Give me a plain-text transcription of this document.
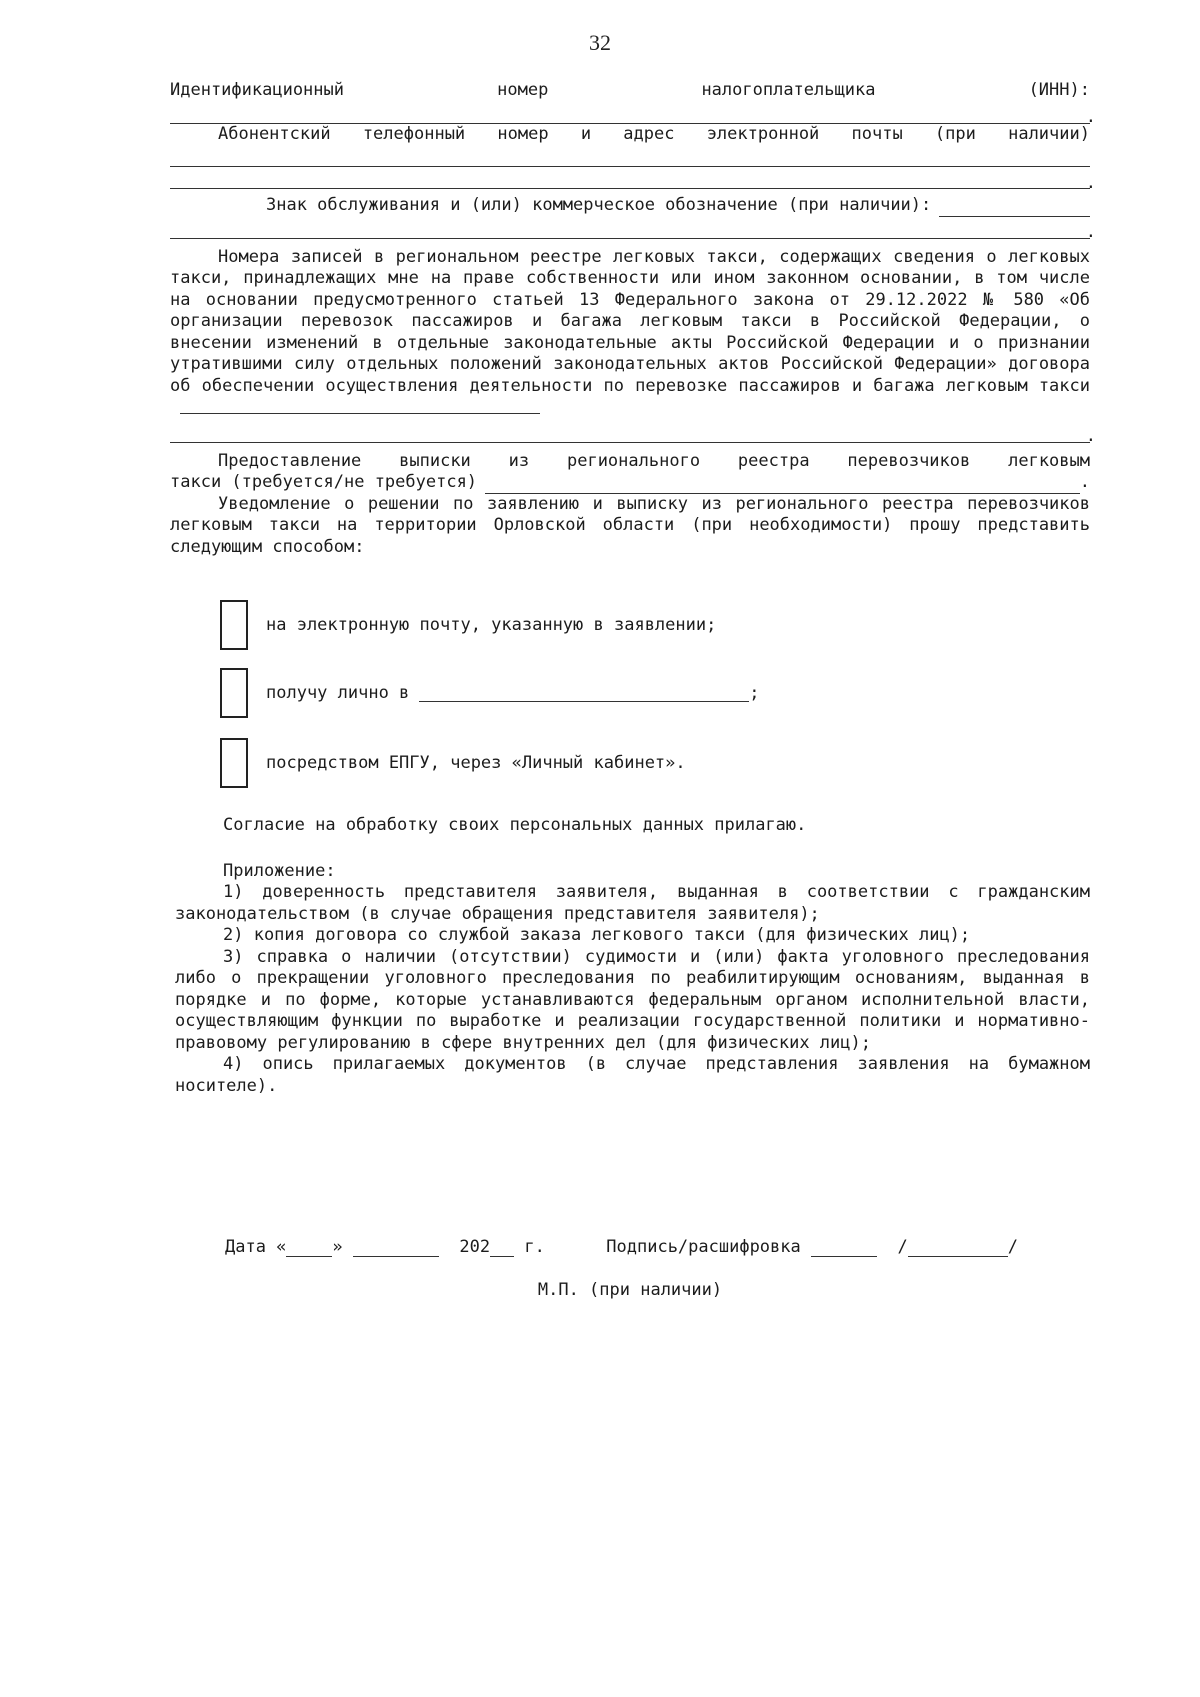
32
Идентификационный	номер	налогоплательщика	(ИНН):
.
Абонентский телефонный номер и адрес электронной почты (при наличии)
.
Знак обслуживания и (или) коммерческое обозначение (при наличии):
.

Номера записей в региональном реестре легковых такси, содержащих сведения о легковых такси, принадлежащих мне на праве собственности или ином законном основании, в том числе на основании предусмотренного статьей 13 Федерального закона от 29.12.2022 № 580 «Об организации перевозок пассажиров и багажа легковым такси в Российской Федерации, о внесении изменений в отдельные законодательные акты Российской Федерации и о признании утратившими силу отдельных положений законодательных актов Российской Федерации» договора об обеспечении осуществления деятельности по перевозке пассажиров и багажа легковым такси

.
Предоставление выписки из регионального реестра перевозчиков легковым
такси (требуется/не требуется)	.

Уведомление о решении по заявлению и выписку из регионального реестра перевозчиков легковым такси на территории Орловской области (при необходимости) прошу представить следующим способом:

на электронную почту, указанную в заявлении;
получу лично в	;
посредством ЕПГУ, через «Личный кабинет».
Согласие на обработку своих персональных данных прилагаю.
Приложение:

1) доверенность представителя заявителя, выданная в соответствии с гражданским законодательством (в случае обращения представителя заявителя);

2) копия договора со службой заказа легкового такси (для физических лиц);

3) справка о наличии (отсутствии) судимости и (или) факта уголовного преследования либо о прекращении уголовного преследования по реабилитирующим основаниям, выданная в порядке и по форме, которые устанавливаются федеральным органом исполнительной власти, осуществляющим функции по выработке и реализации государственной политики и нормативно-правовому регулированию в сфере внутренних дел (для физических лиц);

4) опись прилагаемых документов (в случае представления заявления на бумажном носителе).

Дата «	»

	202
г.
	Подпись/расшифровка

	/	/
М.П. (при наличии)
